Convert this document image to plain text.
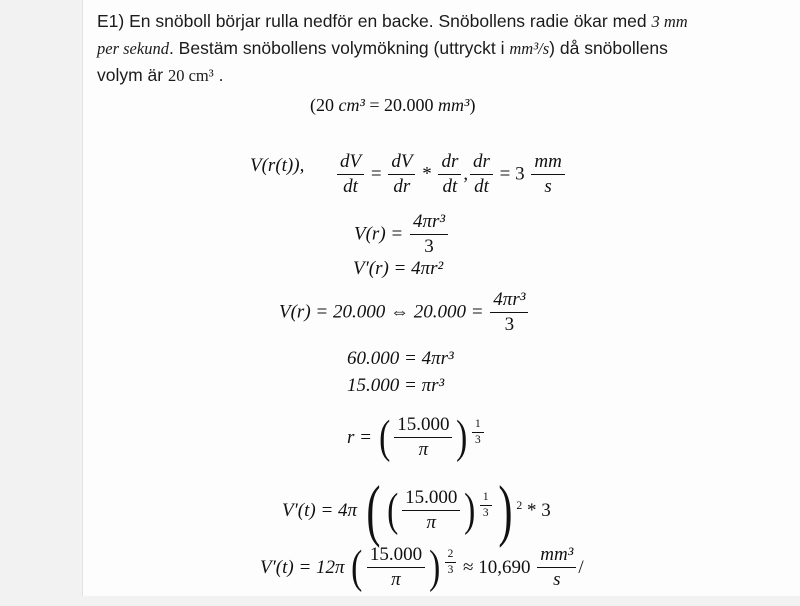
E1) En snöboll börjar rulla nedför en backe. Snöbollens radie ökar med 3 mm per sekund. Bestäm snöbollens volymökning (uttryckt i mm³/s) då snöbollens volym är 20 cm³ .
(20 cm³ = 20.000 mm³)
V(r(t)), $\frac{dV}{dt} = \frac{dV}{dr} * \frac{dr}{dt}$ , $\frac{dr}{dt} = 3 \frac{mm}{s}$
$V(r) = \frac{\text{4πr³}}{3}$
V′(r) = 4πr²
V(r) = 20.000 ⇔ $20.000 = \frac{\text{4πr³}}{3}$
60.000 = 4πr³
15.000 = πr³
r = ( $\frac{15.000}{\pi}$ ) $\frac{1}{3}$
V′(t) = 4π ( ( $\frac{15.000}{\pi}$ ) $\frac{1}{3}$ ) 2 * 3
V′(t) = 12π ( $\frac{15.000}{\pi}$ ) $\frac{2}{3} \approx 10,690 \frac{\text{mm³}}{s}$ /
